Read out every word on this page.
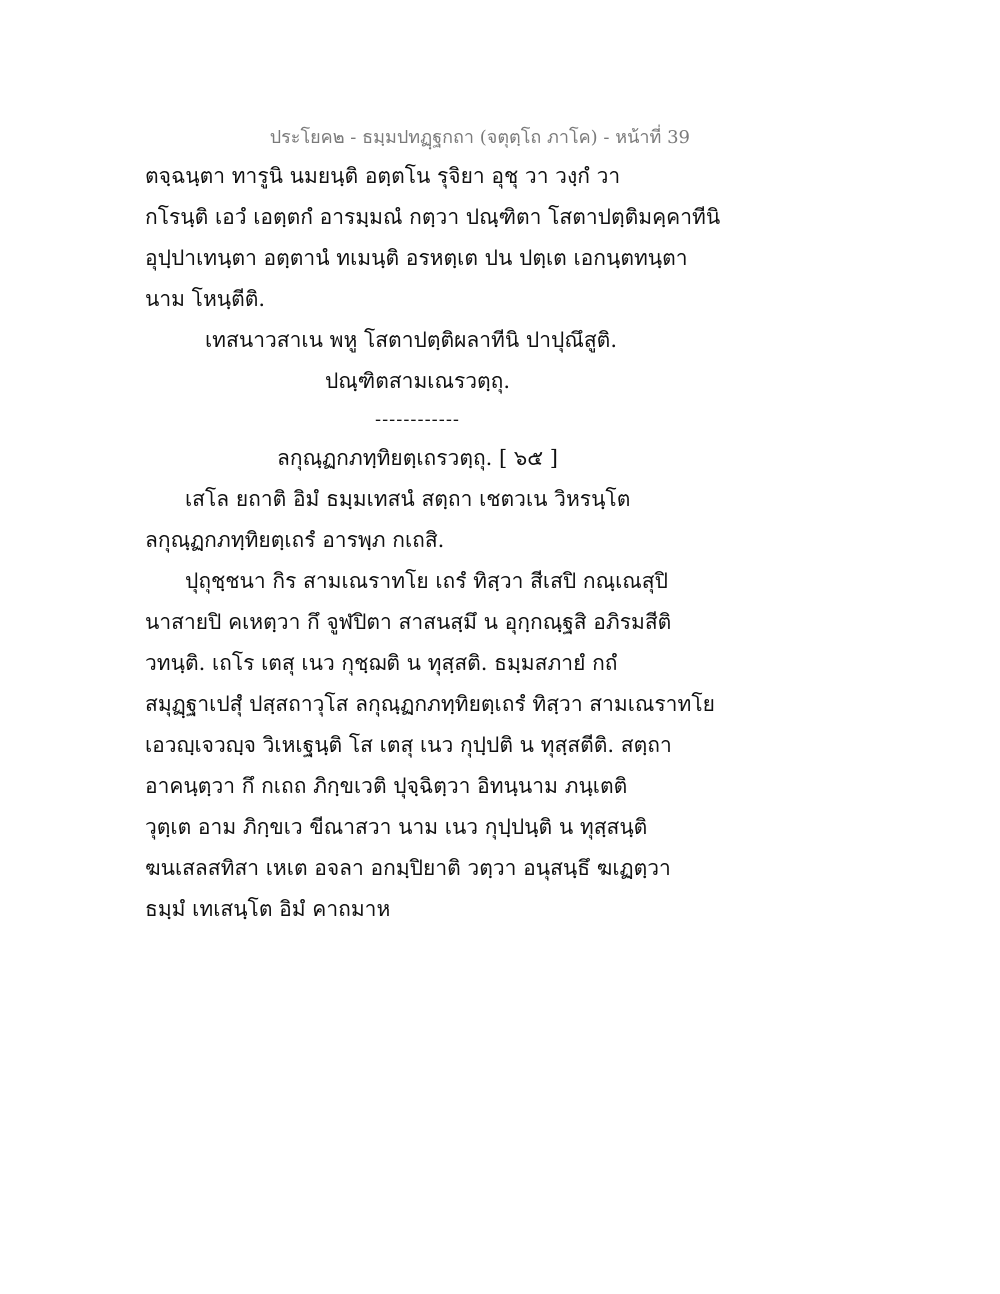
ประโยค๒ - ธมฺมปทฏฺฐกถา (จตุตฺโถ ภาโค) - หน้าที่ 39
ตจฺฉนฺตา ทารูนิ นมยนฺติ อตฺตโน รุจิยา อุชุ วา วงฺกํ วา
กโรนฺติ เอวํ เอตฺตกํ อารมฺมณํ กตฺวา ปณฺฑิตา โสตาปตฺติมคฺคาทีนิ
อุปฺปาเทนฺตา อตฺตานํ ทเมนฺติ อรหตฺเต ปน ปตฺเต เอกนฺตทนฺตา
นาม โหนฺตีติ.
เทสนาวสาเน พหู โสตาปตฺติผลาทีนิ ปาปุณึสูติ.
ปณฺฑิตสามเณรวตฺถุ.
------------
ลกุณฺฏกภทฺทิยตฺเถรวตฺถุ. [ ๖๕ ]
เสโล ยถาติ อิมํ ธมฺมเทสนํ สตฺถา เชตวเน วิหรนฺโต
ลกุณฺฏกภทฺทิยตฺเถรํ อารพฺภ กเถสิ.
ปุถุชฺชนา กิร สามเณราทโย เถรํ ทิสฺวา สีเสปิ กณฺเณสุปิ
นาสายปิ คเหตฺวา กึ จูฬปิตา สาสนสฺมึ น อุกฺกณฺฐสิ อภิรมสีติ
วทนฺติ. เถโร เตสุ เนว กุชฺฌติ น ทุสฺสติ. ธมฺมสภายํ กถํ
สมุฏฺฐาเปสุํ ปสฺสถาวุโส ลกุณฺฏกภทฺทิยตฺเถรํ ทิสฺวา สามเณราทโย
เอวญฺเจวญฺจ วิเหเฐนฺติ โส เตสุ เนว กุปฺปติ น ทุสฺสตีติ. สตฺถา
อาคนฺตฺวา กึ กเถถ ภิกฺขเวติ ปุจฺฉิตฺวา อิทนฺนาม ภนฺเตติ
วุตฺเต อาม ภิกฺขเว ขีณาสวา นาม เนว กุปฺปนฺติ น ทุสฺสนฺติ
ฆนเสลสทิสา เหเต อจลา อกมฺปิยาติ วตฺวา อนุสนฺธึ ฆเฏตฺวา
ธมฺมํ เทเสนฺโต อิมํ คาถมาห
